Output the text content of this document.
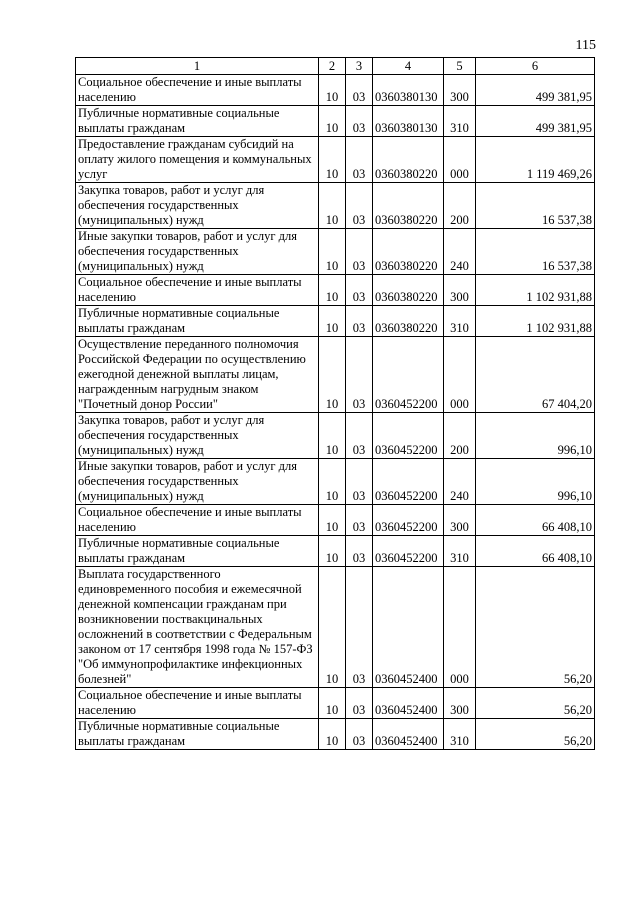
115
1	2	3	4	5	6
Социальное обеспечение и иные выплаты населению	10	03	0360380130	300	499 381,95
Публичные нормативные социальные выплаты гражданам	10	03	0360380130	310	499 381,95
Предоставление гражданам субсидий на оплату жилого помещения и коммунальных услуг	10	03	0360380220	000	1 119 469,26
Закупка товаров, работ и услуг для обеспечения государственных (муниципальных) нужд	10	03	0360380220	200	16 537,38
Иные закупки товаров, работ и услуг для обеспечения государственных (муниципальных) нужд	10	03	0360380220	240	16 537,38
Социальное обеспечение и иные выплаты населению	10	03	0360380220	300	1 102 931,88
Публичные нормативные социальные выплаты гражданам	10	03	0360380220	310	1 102 931,88
Осуществление переданного полномочия Российской Федерации по осуществлению ежегодной денежной выплаты лицам, награжденным нагрудным знаком "Почетный донор России"	10	03	0360452200	000	67 404,20
Закупка товаров, работ и услуг для обеспечения государственных (муниципальных) нужд	10	03	0360452200	200	996,10
Иные закупки товаров, работ и услуг для обеспечения государственных (муниципальных) нужд	10	03	0360452200	240	996,10
Социальное обеспечение и иные выплаты населению	10	03	0360452200	300	66 408,10
Публичные нормативные социальные выплаты гражданам	10	03	0360452200	310	66 408,10
Выплата государственного единовременного пособия и ежемесячной денежной компенсации гражданам при возникновении поствакцинальных осложнений в соответствии с Федеральным законом от 17 сентября 1998 года № 157-ФЗ "Об иммунопрофилактике инфекционных болезней"	10	03	0360452400	000	56,20
Социальное обеспечение и иные выплаты населению	10	03	0360452400	300	56,20
Публичные нормативные социальные выплаты гражданам	10	03	0360452400	310	56,20
